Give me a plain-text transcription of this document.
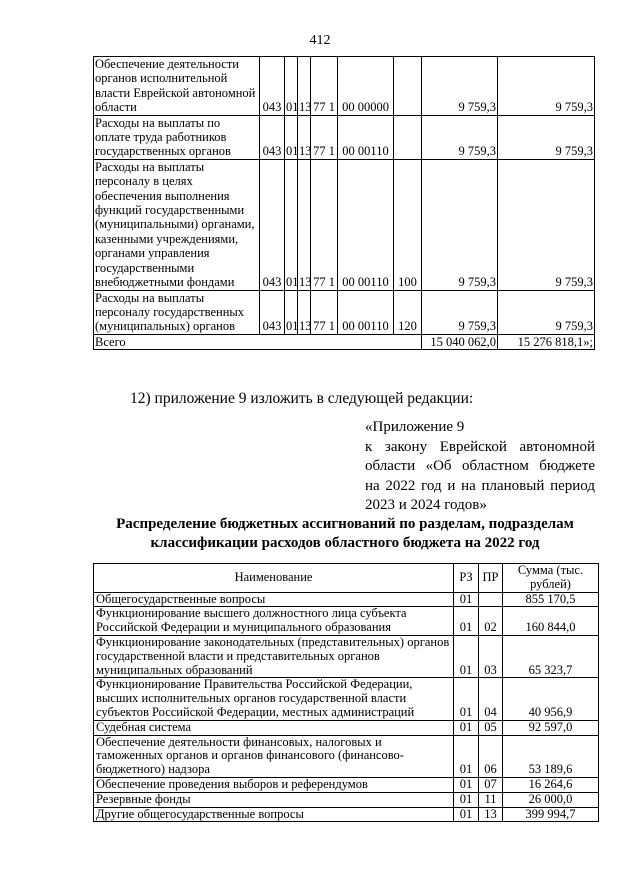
412
Обеспечение деятельности органов исполнительной власти Еврейской автономной области	043	01	13	77 1	00 00000		9 759,3	9 759,3
Расходы на выплаты по оплате труда работников государственных органов	043	01	13	77 1	00 00110		9 759,3	9 759,3
Расходы на выплаты персоналу в целях обеспечения выполнения функций государственными (муниципальными) органами, казенными учреждениями, органами управления государственными внебюджетными фондами	043	01	13	77 1	00 00110	100	9 759,3	9 759,3
Расходы на выплаты персоналу государственных (муниципальных) органов	043	01	13	77 1	00 00110	120	9 759,3	9 759,3
Всего							15 040 062,0	15 276 818,1»;
12) приложение 9 изложить в следующей редакции:
«Приложение 9
к закону Еврейской автономной
области «Об областном бюджете
на 2022 год и на плановый период
2023 и 2024 годов»
Распределение бюджетных ассигнований по разделам, подразделам
классификации расходов областного бюджета на 2022 год
Наименование	РЗ	ПР	Сумма (тыс. рублей)
Общегосударственные вопросы	01		855 170,5
Функционирование высшего должностного лица субъекта Российской Федерации и муниципального образования	01	02	160 844,0
Функционирование законодательных (представительных) органов государственной власти и представительных органов муниципальных образований	01	03	65 323,7
Функционирование Правительства Российской Федерации, высших исполнительных органов государственной власти субъектов Российской Федерации, местных администраций	01	04	40 956,9
Судебная система	01	05	92 597,0
Обеспечение деятельности финансовых, налоговых и таможенных органов и органов финансового (финансово-бюджетного) надзора	01	06	53 189,6
Обеспечение проведения выборов и референдумов	01	07	16 264,6
Резервные фонды	01	11	26 000,0
Другие общегосударственные вопросы	01	13	399 994,7
